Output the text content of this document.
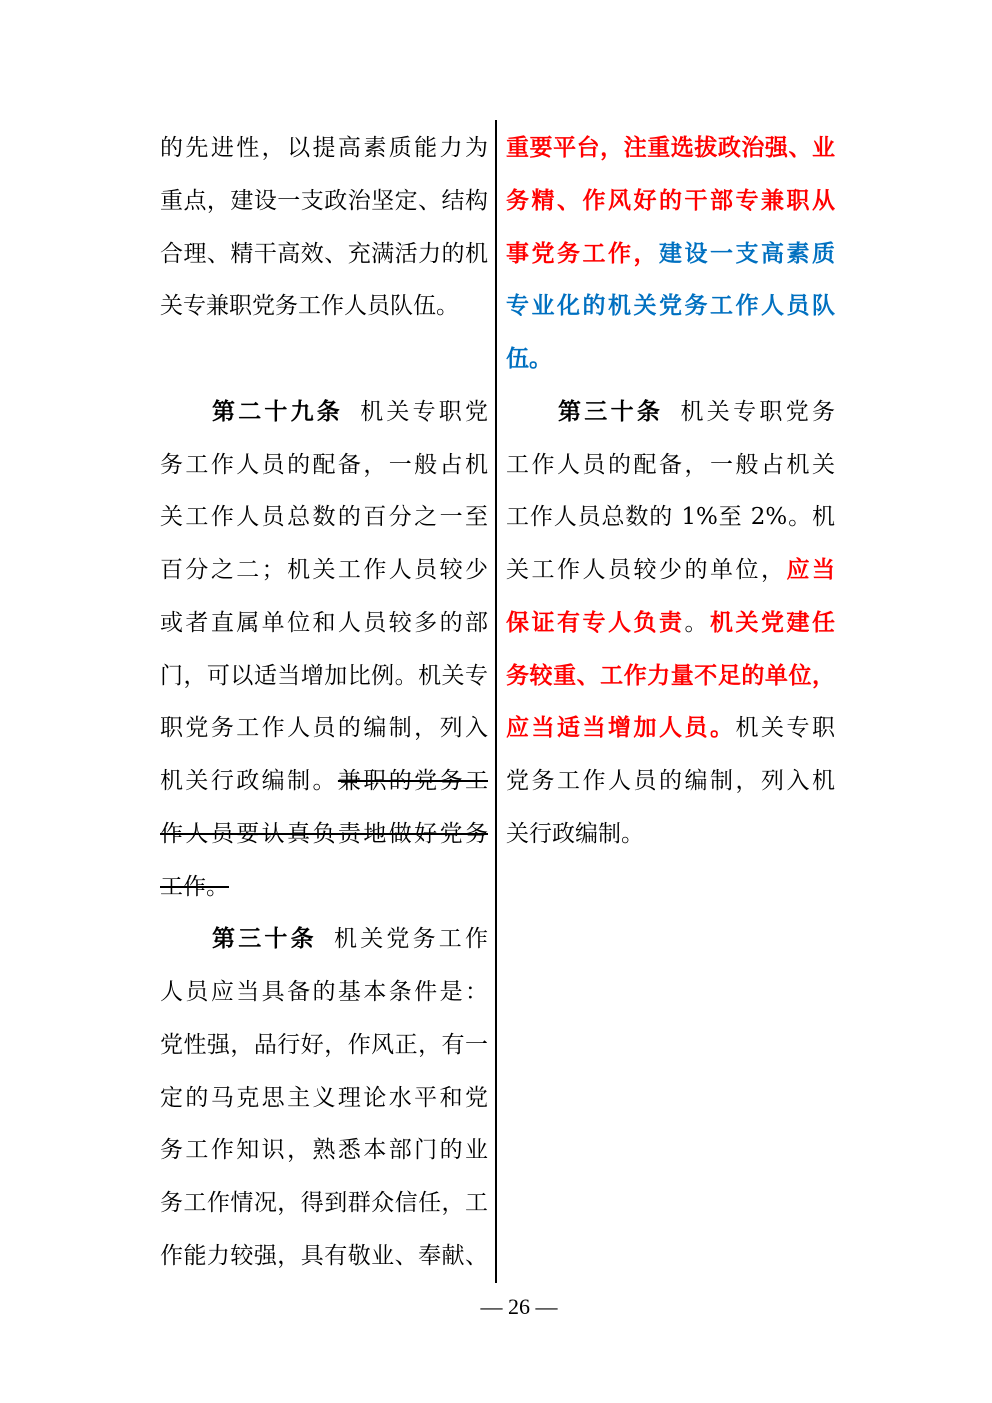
的先进性，以提高素质能力为
重点，建设一支政治坚定、结构
合理、精干高效、充满活力的机
关专兼职党务工作人员队伍。
第二十九条 机关专职党
务工作人员的配备，一般占机
关工作人员总数的百分之一至
百分之二；机关工作人员较少
或者直属单位和人员较多的部
门，可以适当增加比例。机关专
职党务工作人员的编制，列入
机关行政编制。兼职的党务工
作人员要认真负责地做好党务
工作。
第三十条 机关党务工作
人员应当具备的基本条件是：
党性强，品行好，作风正，有一
定的马克思主义理论水平和党
务工作知识，熟悉本部门的业
务工作情况，得到群众信任，工
作能力较强，具有敬业、奉献、
重要平台，注重选拔政治强、业
务精、作风好的干部专兼职从
事党务工作，建设一支高素质
专业化的机关党务工作人员队
伍。
第三十条 机关专职党务
工作人员的配备，一般占机关
工作人员总数的 1%至 2%。机
关工作人员较少的单位，应当
保证有专人负责。机关党建任
务较重、工作力量不足的单位，
应当适当增加人员。机关专职
党务工作人员的编制，列入机
关行政编制。
— 26 —
